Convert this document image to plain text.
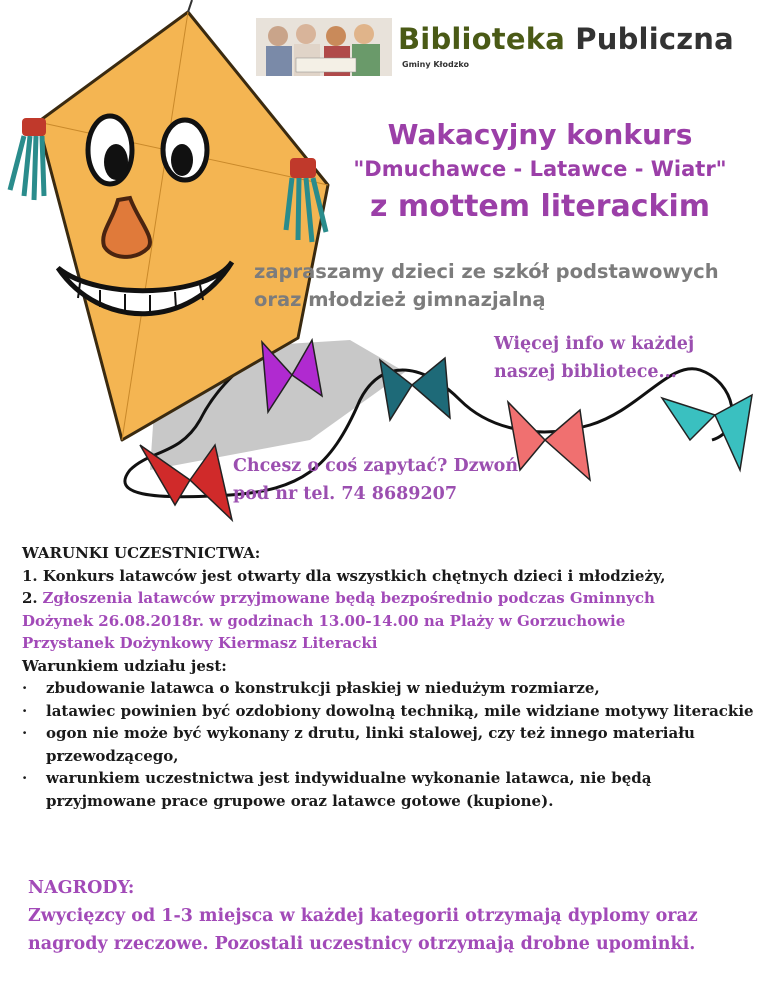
Biblioteka Publiczna
Gminy Kłodzko
Wakacyjny konkurs
"Dmuchawce - Latawce - Wiatr"
z mottem literackim
zapraszamy dzieci ze szkół podstawowych
oraz młodzież gimnazjalną
Więcej info w każdej
naszej bibliotece...
Chcesz o coś zapytać? Dzwoń
pod nr tel. 74 8689207
WARUNKI UCZESTNICTWA:
1. Konkurs latawców jest otwarty dla wszystkich chętnych dzieci i młodzieży,
2. Zgłoszenia latawców przyjmowane będą bezpośrednio podczas Gminnych
Dożynek 26.08.2018r. w godzinach 13.00-14.00 na Plaży w Gorzuchowie
Przystanek Dożynkowy Kiermasz Literacki
Warunkiem udziału jest:
· zbudowanie latawca o konstrukcji płaskiej w niedużym rozmiarze,
· latawiec powinien być ozdobiony dowolną techniką, mile widziane motywy literackie
· ogon nie może być wykonany z drutu, linki stalowej, czy też innego materiału przewodzącego,
· warunkiem uczestnictwa jest indywidualne wykonanie latawca, nie będą przyjmowane prace grupowe oraz latawce gotowe (kupione).
NAGRODY:
Zwycięzcy od 1-3 miejsca w każdej kategorii otrzymają dyplomy oraz nagrody rzeczowe. Pozostali uczestnicy otrzymają drobne upominki.
